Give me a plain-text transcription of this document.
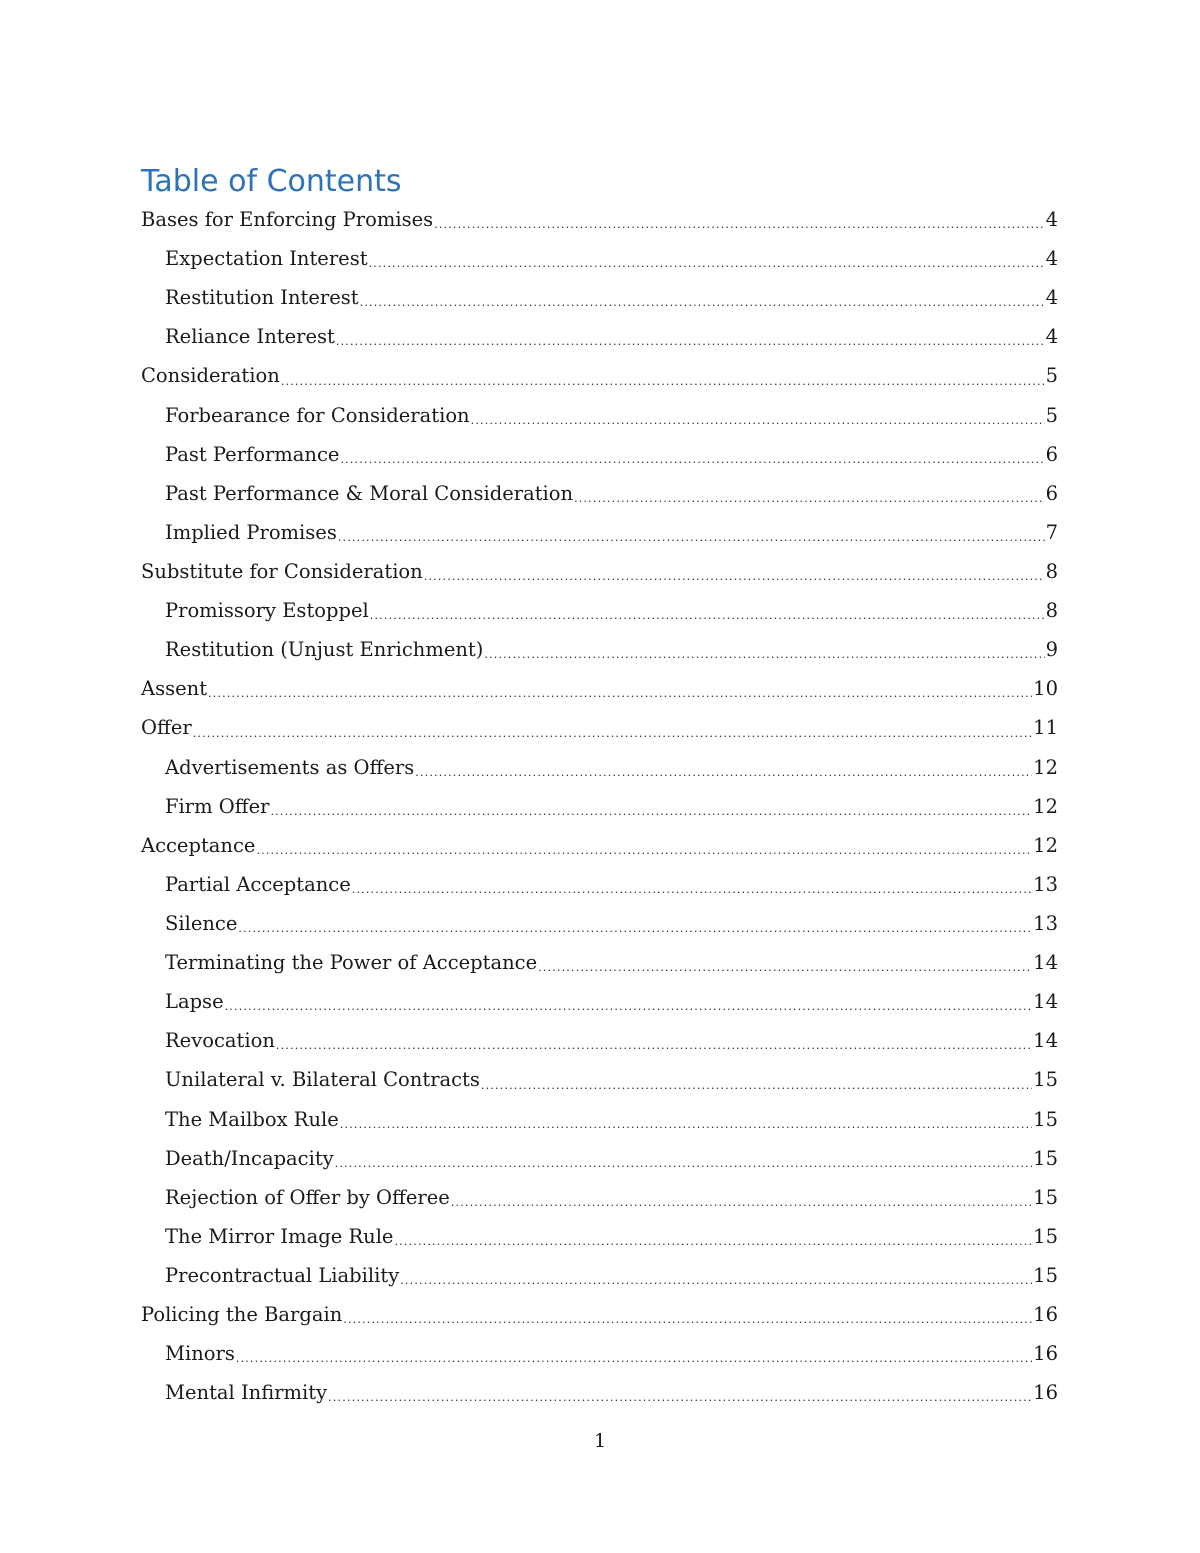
Table of Contents
Bases for Enforcing Promises .....	4
Expectation Interest .....	4
Restitution Interest .....	4
Reliance Interest .....	4
Consideration .....	5
Forbearance for Consideration .....	5
Past Performance .....	6
Past Performance & Moral Consideration .....	6
Implied Promises .....	7
Substitute for Consideration .....	8
Promissory Estoppel .....	8
Restitution (Unjust Enrichment) .....	9
Assent .....	10
Offer .....	11
Advertisements as Offers .....	12
Firm Offer .....	12
Acceptance .....	12
Partial Acceptance .....	13
Silence .....	13
Terminating the Power of Acceptance .....	14
Lapse .....	14
Revocation .....	14
Unilateral v. Bilateral Contracts .....	15
The Mailbox Rule .....	15
Death/Incapacity .....	15
Rejection of Offer by Offeree .....	15
The Mirror Image Rule .....	15
Precontractual Liability .....	15
Policing the Bargain .....	16
Minors .....	16
Mental Infirmity .....	16
1
